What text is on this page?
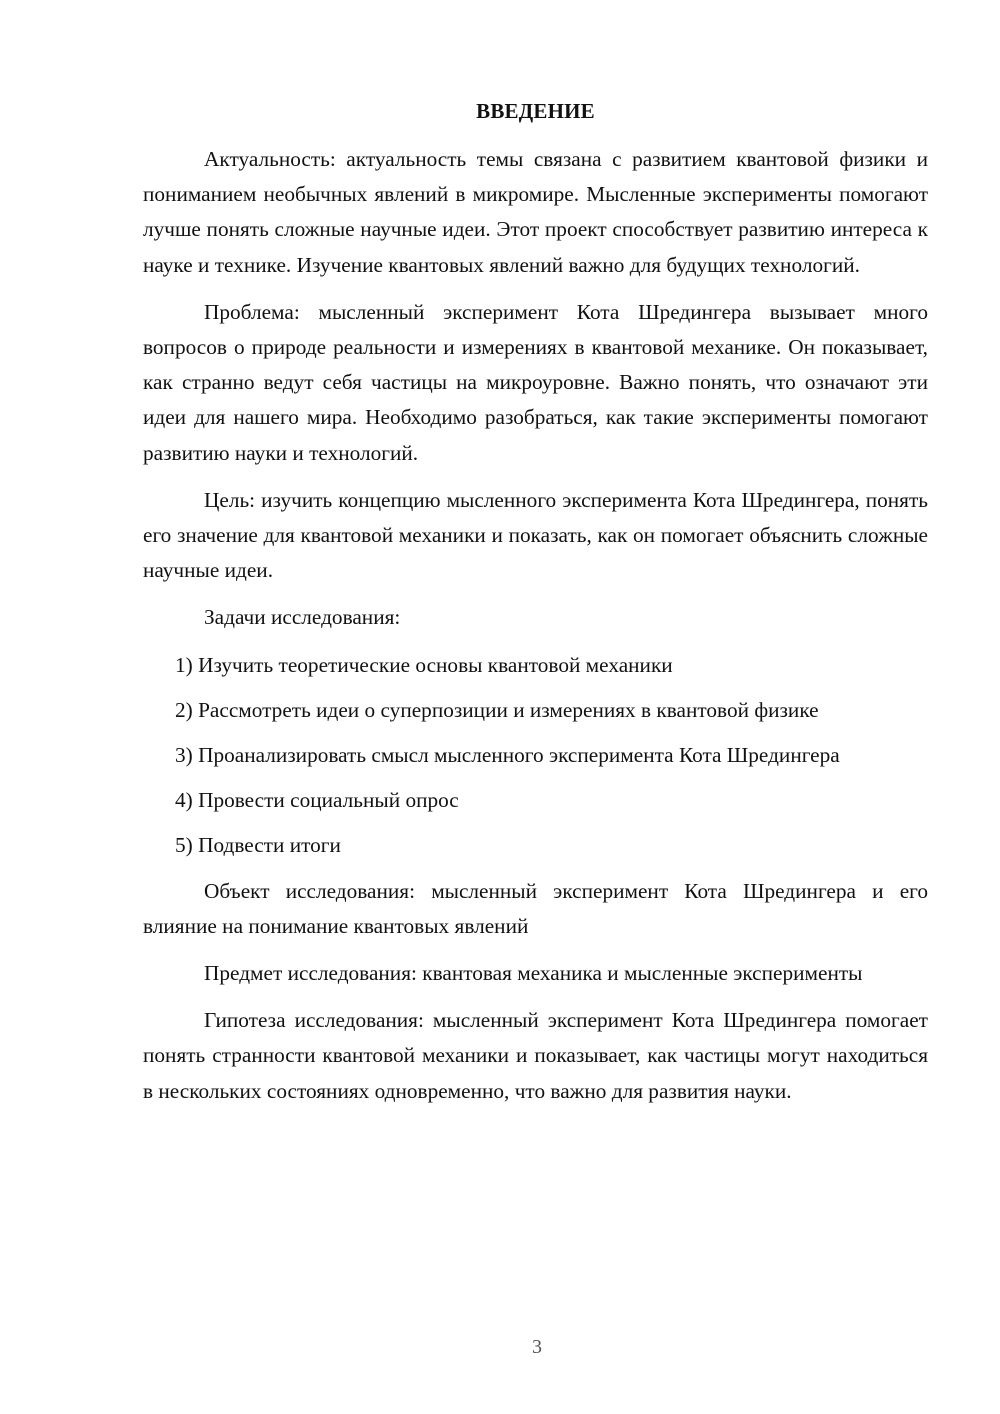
ВВЕДЕНИЕ

Актуальность: актуальность темы связана с развитием квантовой физики и пониманием необычных явлений в микромире. Мысленные эксперименты помогают лучше понять сложные научные идеи. Этот проект способствует развитию интереса к науке и технике. Изучение квантовых явлений важно для будущих технологий.

Проблема: мысленный эксперимент Кота Шредингера вызывает много вопросов о природе реальности и измерениях в квантовой механике. Он показывает, как странно ведут себя частицы на микроуровне. Важно понять, что означают эти идеи для нашего мира. Необходимо разобраться, как такие эксперименты помогают развитию науки и технологий.

Цель: изучить концепцию мысленного эксперимента Кота Шредингера, понять его значение для квантовой механики и показать, как он помогает объяснить сложные научные идеи.

Задачи исследования:

1) Изучить теоретические основы квантовой механики

2) Рассмотреть идеи о суперпозиции и измерениях в квантовой физике

3) Проанализировать смысл мысленного эксперимента Кота Шредингера

4) Провести социальный опрос

5) Подвести итоги

Объект исследования: мысленный эксперимент Кота Шредингера и его влияние на понимание квантовых явлений

Предмет исследования: квантовая механика и мысленные эксперименты

Гипотеза исследования: мысленный эксперимент Кота Шредингера помогает понять странности квантовой механики и показывает, как частицы могут находиться в нескольких состояниях одновременно, что важно для развития науки.

3
